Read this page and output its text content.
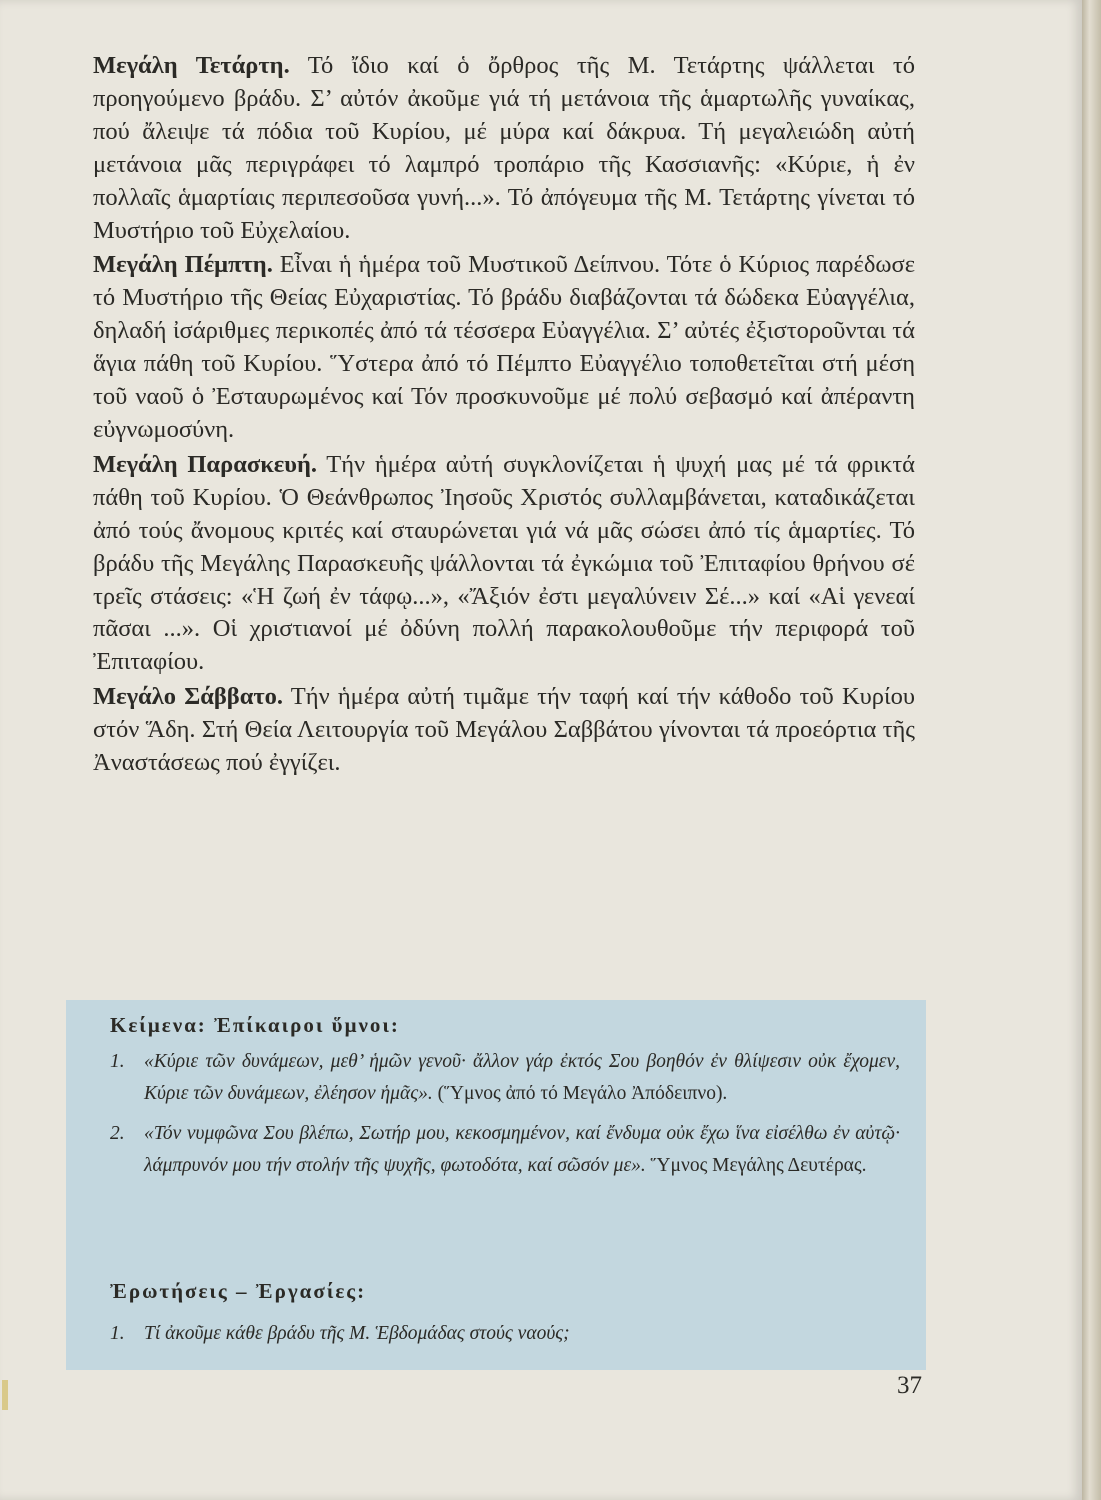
Μεγάλη Τετάρτη. Τό ἴδιο καί ὁ ὄρθρος τῆς Μ. Τετάρτης ψάλλεται τό προηγούμενο βράδυ. Σ’ αὐτόν ἀκοῦμε γιά τή μετάνοια τῆς ἁμαρτωλῆς γυναίκας, πού ἄλειψε τά πόδια τοῦ Κυρίου, μέ μύρα καί δάκρυα. Τή μεγαλειώδη αὐτή μετάνοια μᾶς περιγράφει τό λαμπρό τροπάριο τῆς Κασσιανῆς: «Κύριε, ἡ ἐν πολλαῖς ἁμαρτίαις περιπεσοῦσα γυνή...». Τό ἀπόγευμα τῆς Μ. Τετάρτης γίνεται τό Μυστήριο τοῦ Εὐχελαίου.

Μεγάλη Πέμπτη. Εἶναι ἡ ἡμέρα τοῦ Μυστικοῦ Δείπνου. Τότε ὁ Κύριος παρέδωσε τό Μυστήριο τῆς Θείας Εὐχαριστίας. Τό βράδυ διαβάζονται τά δώδεκα Εὐαγγέλια, δηλαδή ἰσάριθμες περικοπές ἀπό τά τέσσερα Εὐαγγέλια. Σ’ αὐτές ἐξιστοροῦνται τά ἅγια πάθη τοῦ Κυρίου. Ὕστερα ἀπό τό Πέμπτο Εὐαγγέλιο τοποθετεῖται στή μέση τοῦ ναοῦ ὁ Ἐσταυρωμένος καί Τόν προσκυνοῦμε μέ πολύ σεβασμό καί ἀπέραντη εὐγνωμοσύνη.

Μεγάλη Παρασκευή. Τήν ἡμέρα αὐτή συγκλονίζεται ἡ ψυχή μας μέ τά φρικτά πάθη τοῦ Κυρίου. Ὁ Θεάνθρωπος Ἰησοῦς Χριστός συλλαμβάνεται, καταδικάζεται ἀπό τούς ἄνομους κριτές καί σταυρώνεται γιά νά μᾶς σώσει ἀπό τίς ἁμαρτίες. Τό βράδυ τῆς Μεγάλης Παρασκευῆς ψάλλονται τά ἐγκώμια τοῦ Ἐπιταφίου θρήνου σέ τρεῖς στάσεις: «Ἡ ζωή ἐν τάφῳ...», «Ἄξιόν ἐστι μεγαλύνειν Σέ...» καί «Αἱ γενεαί πᾶσαι ...». Οἱ χριστιανοί μέ ὀδύνη πολλή παρακολουθοῦμε τήν περιφορά τοῦ Ἐπιταφίου.

Μεγάλο Σάββατο. Τήν ἡμέρα αὐτή τιμᾶμε τήν ταφή καί τήν κάθοδο τοῦ Κυρίου στόν Ἅδη. Στή Θεία Λειτουργία τοῦ Μεγάλου Σαββάτου γίνονται τά προεόρτια τῆς Ἀναστάσεως πού ἐγγίζει.

Κείμενα: Ἐπίκαιροι ὕμνοι:

1. «Κύριε τῶν δυνάμεων, μεθ’ ἡμῶν γενοῦ· ἄλλον γάρ ἐκτός Σου βοηθόν ἐν θλίψεσιν οὐκ ἔχομεν, Κύριε τῶν δυνάμεων, ἐλέησον ἡμᾶς». (Ὕμνος ἀπό τό Μεγάλο Ἀπόδειπνο).
2. «Τόν νυμφῶνα Σου βλέπω, Σωτήρ μου, κεκοσμημένον, καί ἔνδυμα οὐκ ἔχω ἵνα εἰσέλθω ἐν αὐτῷ· λάμπρυνόν μου τήν στολήν τῆς ψυχῆς, φωτοδότα, καί σῶσόν με». Ὕμνος Μεγάλης Δευτέρας.

Ἐρωτήσεις – Ἐργασίες:

1. Τί ἀκοῦμε κάθε βράδυ τῆς Μ. Ἑβδομάδας στούς ναούς;

37
